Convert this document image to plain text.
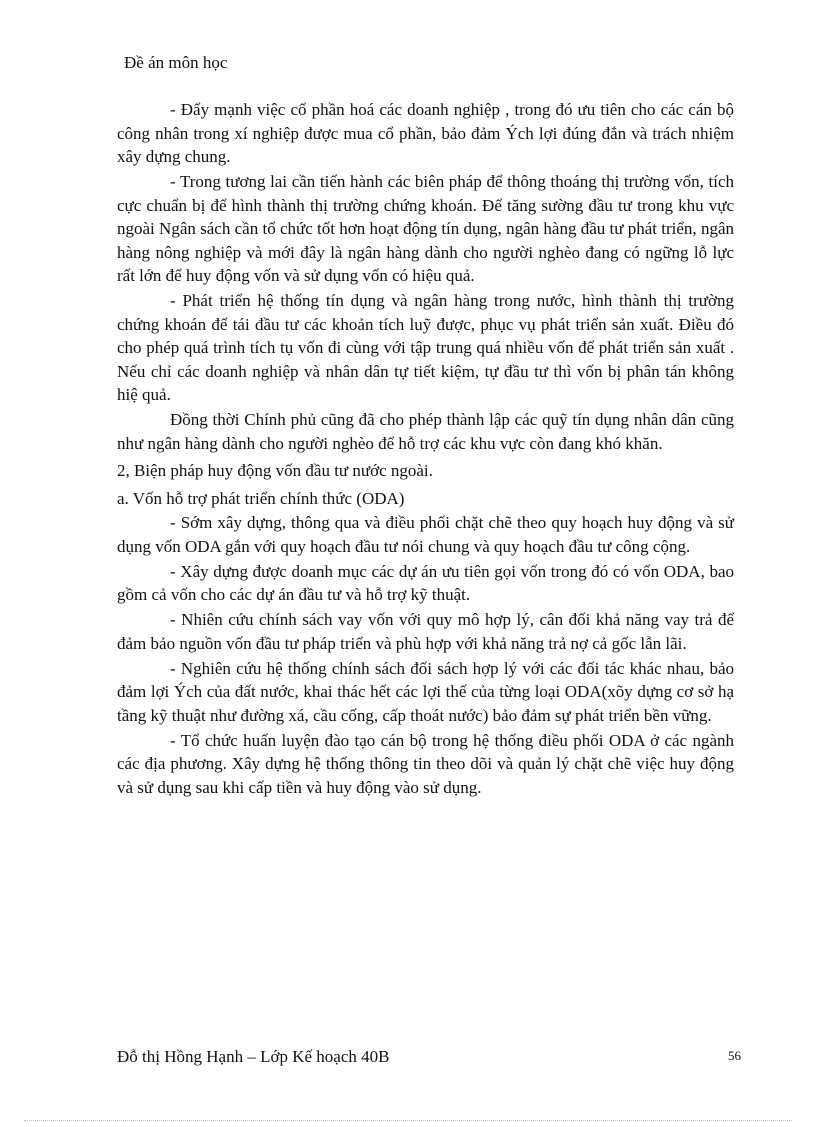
Đề án môn học

- Đẩy mạnh việc cổ phần hoá các doanh nghiệp , trong đó ưu tiên cho các cán bộ công nhân trong xí nghiệp được mua cổ phần, bảo đảm Ých lợi đúng đắn và trách nhiệm xây dựng chung.

- Trong tương lai cần tiến hành các biên pháp để thông thoáng thị trường vốn, tích cực chuẩn bị để hình thành thị trường chứng khoán. Để tăng sường đầu tư trong khu vực ngoài Ngân sách cần tổ chức tốt hơn hoạt động tín dụng, ngân hàng đầu tư phát triển, ngân hàng nông nghiệp và mới đây là ngân hàng dành cho người nghèo đang có ngững lỗ lực rất lớn để huy động vốn và sử dụng vốn có hiệu quả.

- Phát triển hệ thống tín dụng và ngân hàng trong nước, hình thành thị trường chứng khoán để tái đầu tư các khoản tích luỹ được, phục vụ phát triển sản xuất. Điều đó cho phép quá trình tích tụ vốn đi cùng với tập trung quá nhiều vốn để phát triển sản xuất . Nếu chỉ các doanh nghiệp và nhân dân tự tiết kiệm, tự đầu tư thì vốn bị phân tán không hiệ quả.

Đồng thời Chính phủ cũng đã cho phép thành lập các quỹ tín dụng nhân dân cũng như ngân hàng dành cho người nghèo để hỗ trợ các khu vực còn đang khó khăn.

2, Biện pháp huy động vốn đầu tư nước ngoài.

a. Vốn hỗ trợ phát triển chính thức (ODA)

- Sớm xây dựng, thông qua và điều phối chặt chẽ theo quy hoạch huy động và sử dụng vốn ODA gắn với quy hoạch đầu tư nói chung và quy hoạch đầu tư công cộng.

- Xây dựng được doanh mục các dự án ưu tiên gọi vốn trong đó có vốn ODA, bao gồm cả vốn cho các dự án đầu tư và hỗ trợ kỹ thuật.

- Nhiên cứu chính sách vay vốn với quy mô hợp lý, cân đối khả năng vay trả để đảm bảo nguồn vốn đầu tư pháp triển và phù hợp với khả năng trả nợ cả gốc lẫn lãi.

- Nghiên cứu hệ thống chính sách đối sách hợp lý với các đối tác khác nhau, bảo đảm lợi Ých của đất nước, khai thác hết các lợi thế của từng loại ODA(xõy dựng cơ sở hạ tầng kỹ thuật như đường xá, cầu cống, cấp thoát nước) bảo đảm sự phát triển bền vững.

- Tổ chức huấn luyện đào tạo cán bộ trong hệ thống điều phối ODA ở các ngành các địa phương. Xây dựng hệ thống thông tin theo dõi và quản lý chặt chẽ việc huy động và sử dụng sau khi cấp tiền và huy động vào sử dụng.

Đỗ thị Hồng Hạnh – Lớp Kế hoạch 40B	56
